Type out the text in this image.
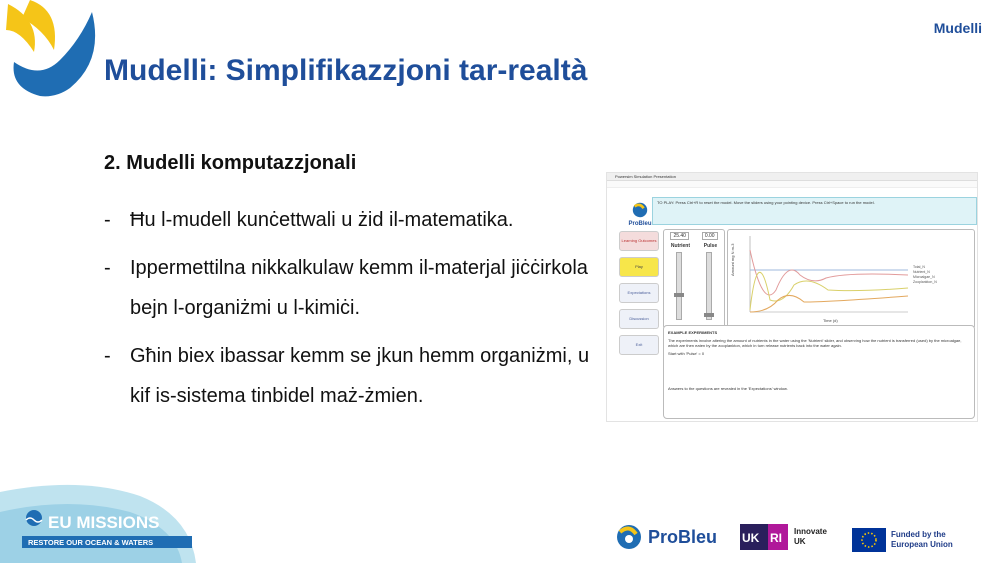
Mudelli
Mudelli: Simplifikazzjoni tar-realtà
2. Mudelli komputazzjonali
- Ħu l-mudell kunċettwali u żid il-matematika.
- Ippermettilna nikkalkulaw kemm il-materjal jiċċirkola bejn l-organiżmi u l-kimiċi.
- Għin biex ibassar kemm se jkun hemm organiżmi, u kif is-sistema tinbidel maż-żmien.
Powersim Simulation Presentation
TO PLAY: Press Ctrl+R to reset the model. Move the sliders using your pointing device. Press Ctrl+Space to run the model.
ProBleu
Learning Outcomes
Play
Expectations
Discussion
Exit
25.40	0.00
Nutrient	Pulse	Amount mg N m-3
Time (d)
Total_N
Nutrient_N
Microalgae_N
Zooplankton_N
EXAMPLE EXPERIMENTS
The experiments involve altering the amount of nutrients in the water using the 'Nutrient' slider, and observing how the nutrient is transferred (used) by the microalgae, which are then eaten by the zooplankton, which in turn release nutrients back into the water again.
Start with 'Pulse' = 0
Answers to the questions are revealed in the 'Expectations' window.
EU MISSIONS
RESTORE OUR OCEAN & WATERS	ProBleu UK RI Innovate UK
Funded by the European Union
